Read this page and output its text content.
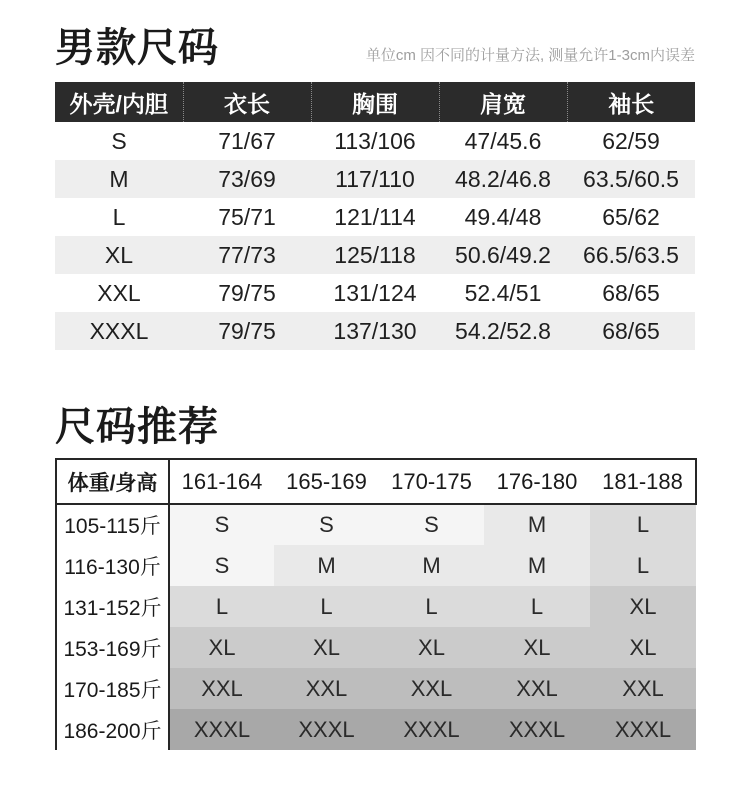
男款尺码	单位cm 因不同的计量方法, 测量允许1-3cm内误差
外壳/内胆	衣长	胸围	肩宽	袖长
S	71/67	113/106	47/45.6	62/59
M	73/69	117/110	48.2/46.8	63.5/60.5
L	75/71	121/114	49.4/48	65/62
XL	77/73	125/118	50.6/49.2	66.5/63.5
XXL	79/75	131/124	52.4/51	68/65
XXXL	79/75	137/130	54.2/52.8	68/65
尺码推荐
体重/身高	161-164	165-169	170-175	176-180	181-188
105-115斤	S	S	S	M	L
116-130斤	S	M	M	M	L
131-152斤	L	L	L	L	XL
153-169斤	XL	XL	XL	XL	XL
170-185斤	XXL	XXL	XXL	XXL	XXL
186-200斤	XXXL	XXXL	XXXL	XXXL	XXXL
